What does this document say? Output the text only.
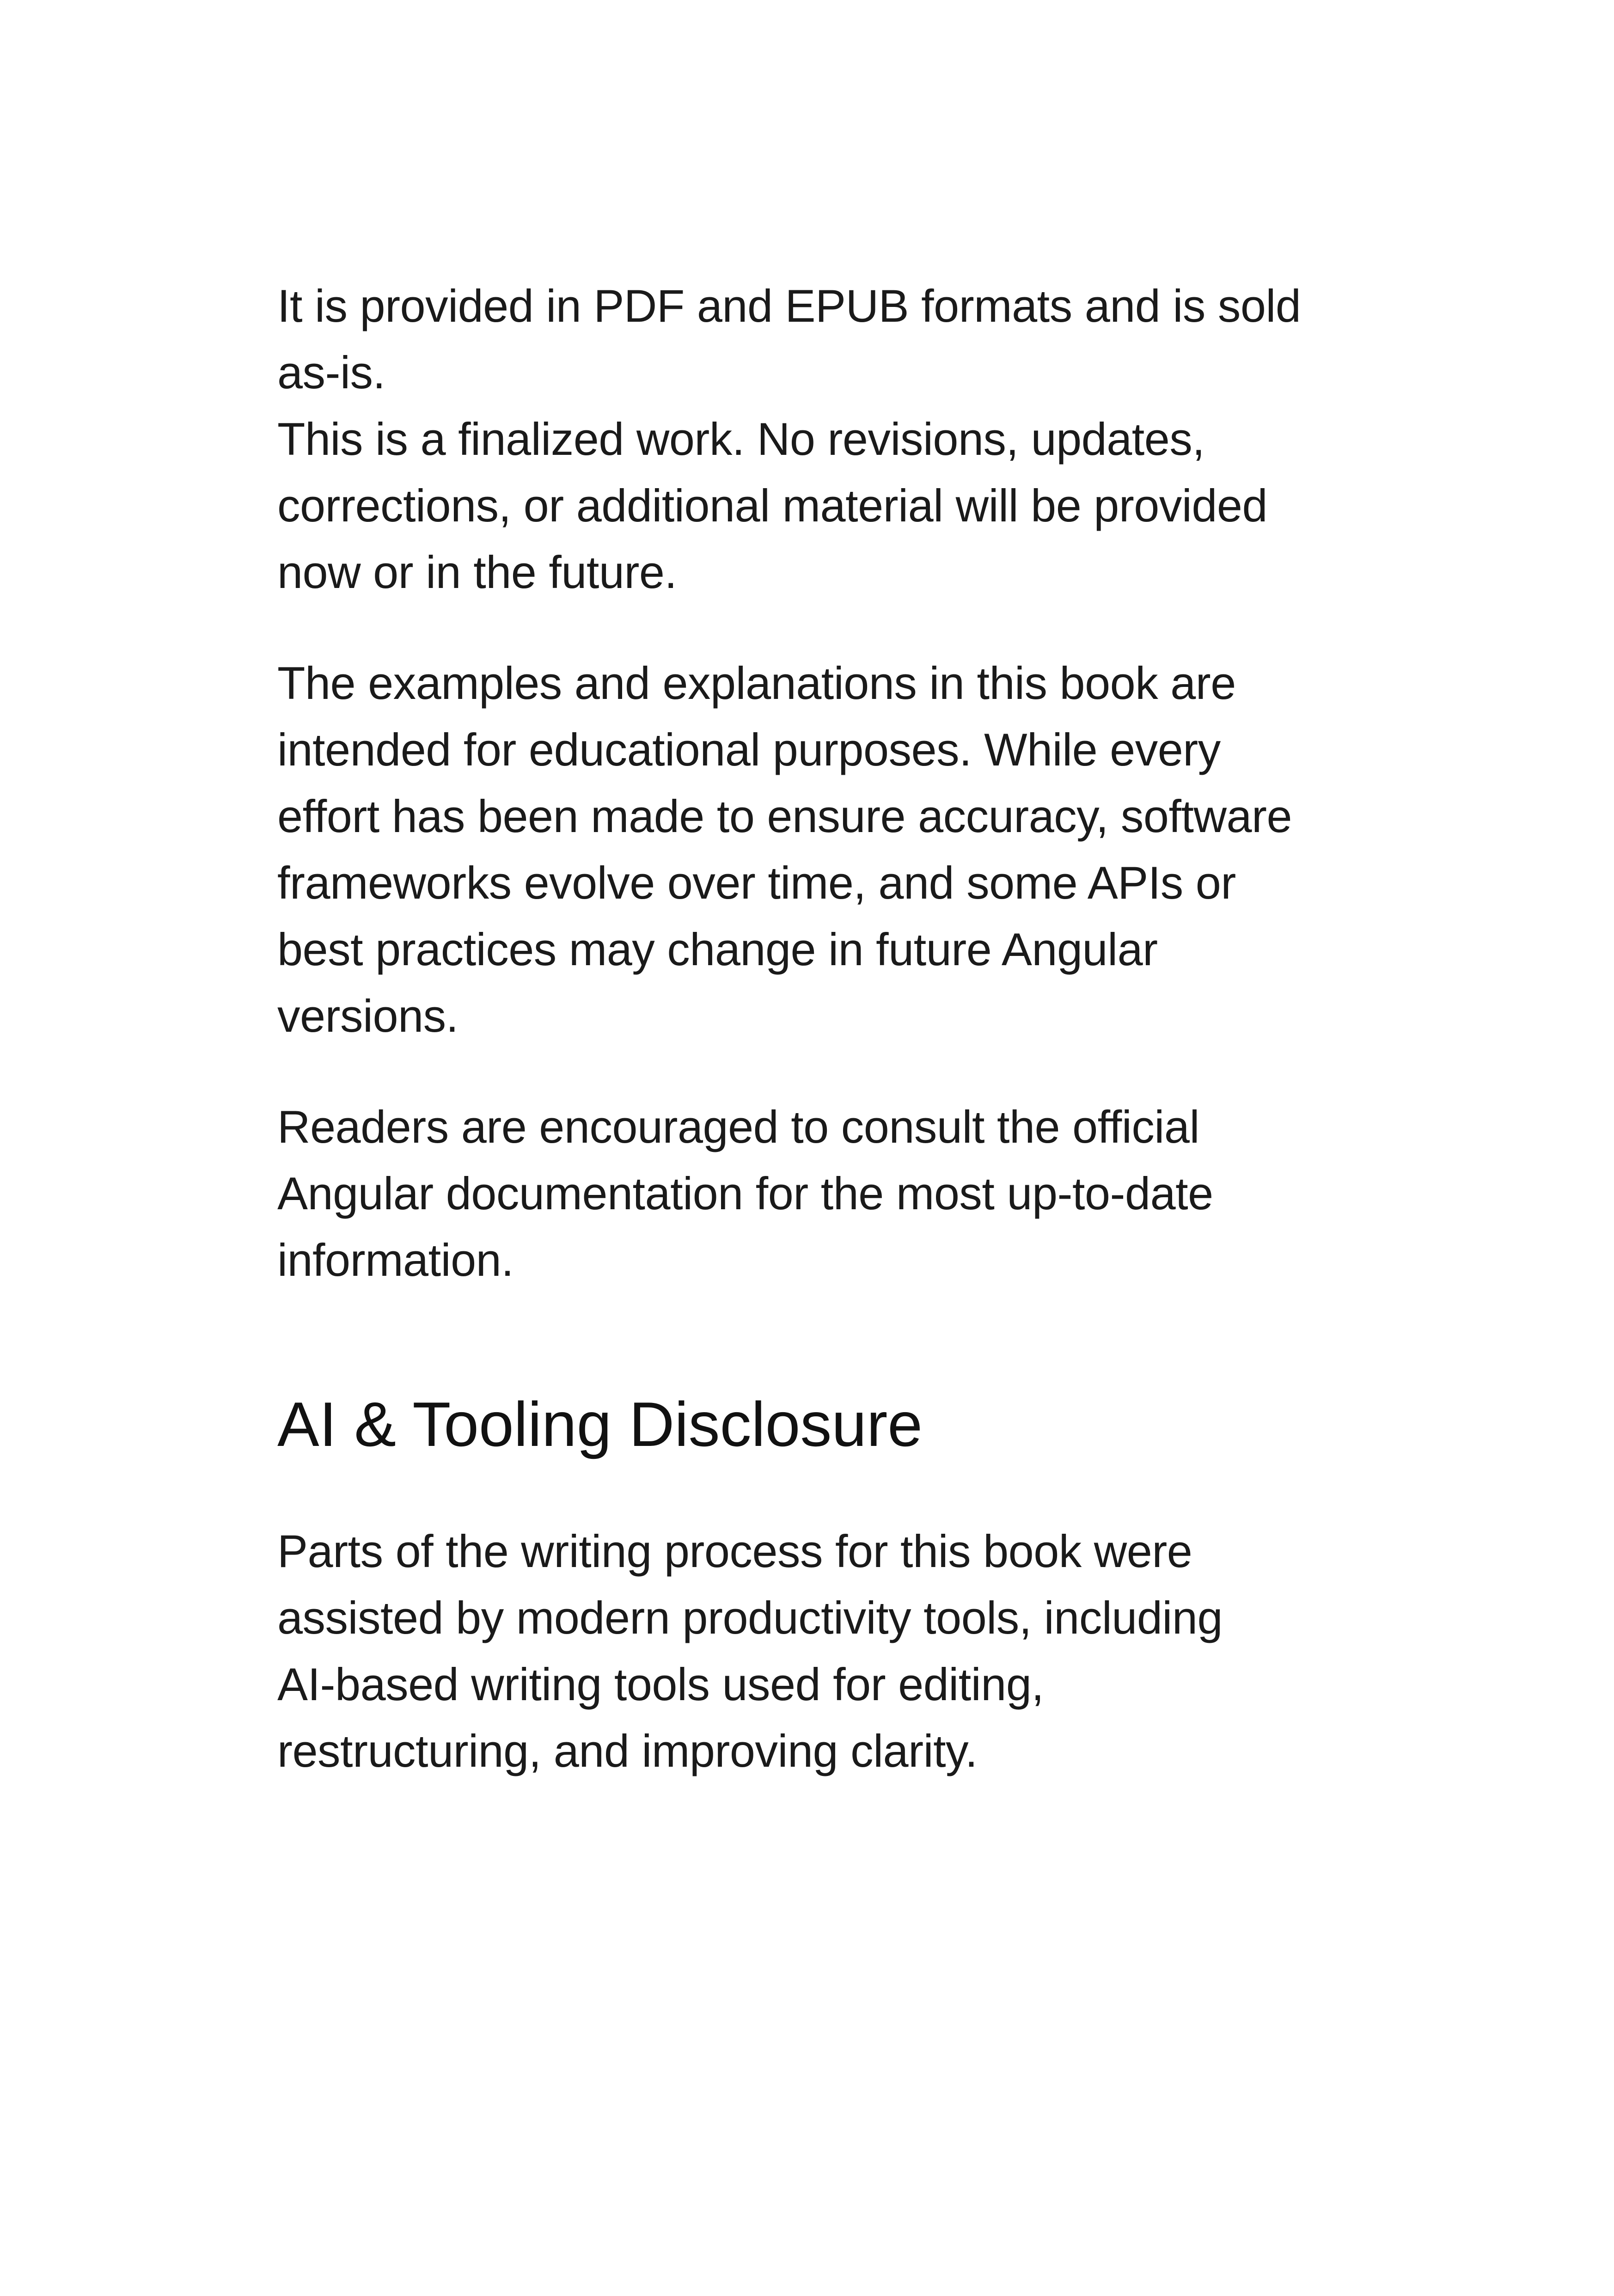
It is provided in PDF and EPUB formats and is sold
as-is.
This is a finalized work. No revisions, updates,
corrections, or additional material will be provided
now or in the future.

The examples and explanations in this book are
intended for educational purposes. While every
effort has been made to ensure accuracy, software
frameworks evolve over time, and some APIs or
best practices may change in future Angular
versions.

Readers are encouraged to consult the official
Angular documentation for the most up-to-date
information.

AI & Tooling Disclosure

Parts of the writing process for this book were
assisted by modern productivity tools, including
AI-based writing tools used for editing,
restructuring, and improving clarity.
